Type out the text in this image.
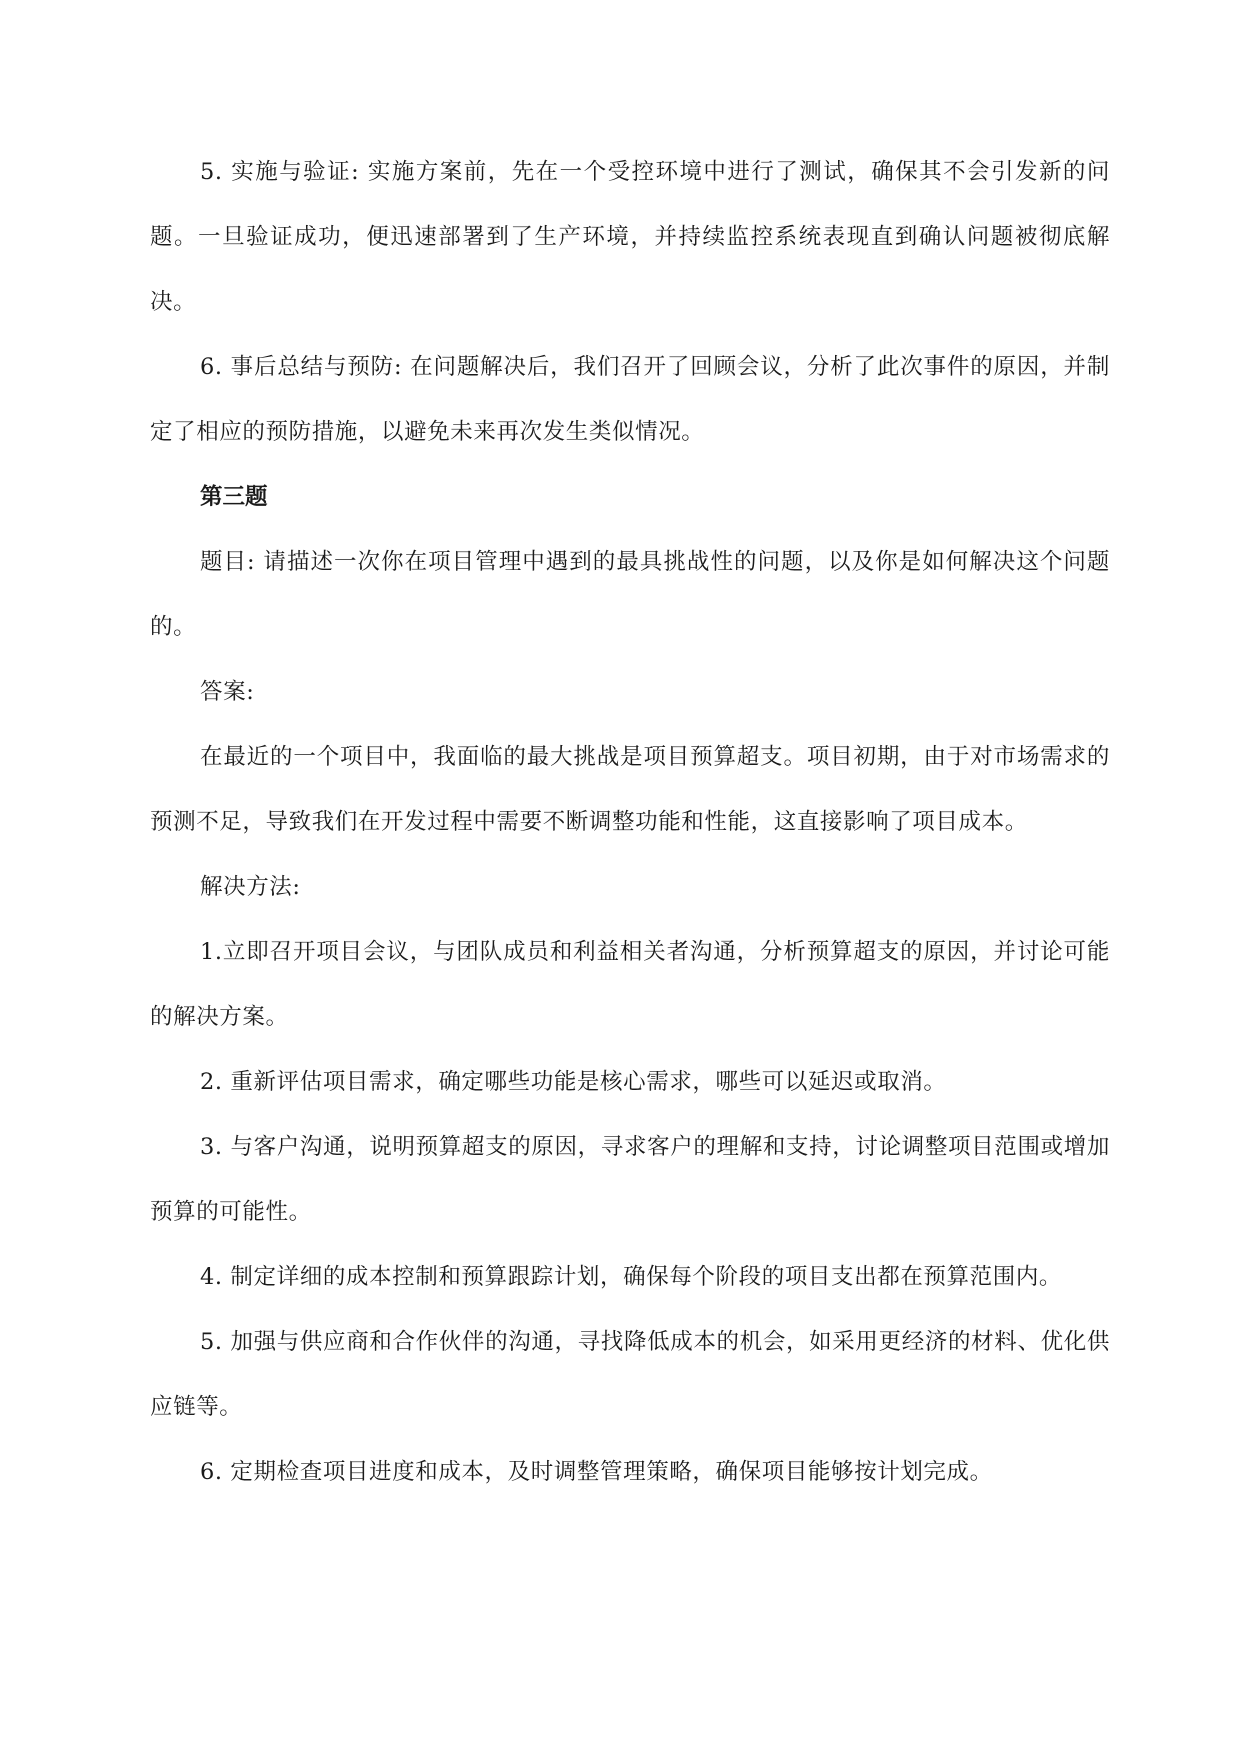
5. 实施与验证: 实施方案前，先在一个受控环境中进行了测试，确保其不会引发新的问题。一旦验证成功，便迅速部署到了生产环境，并持续监控系统表现直到确认问题被彻底解决。

6. 事后总结与预防: 在问题解决后，我们召开了回顾会议，分析了此次事件的原因，并制定了相应的预防措施，以避免未来再次发生类似情况。

第三题

题目: 请描述一次你在项目管理中遇到的最具挑战性的问题，以及你是如何解决这个问题的。

答案:

在最近的一个项目中，我面临的最大挑战是项目预算超支。项目初期，由于对市场需求的预测不足，导致我们在开发过程中需要不断调整功能和性能，这直接影响了项目成本。

解决方法:

1.立即召开项目会议，与团队成员和利益相关者沟通，分析预算超支的原因，并讨论可能的解决方案。

2. 重新评估项目需求，确定哪些功能是核心需求，哪些可以延迟或取消。

3. 与客户沟通，说明预算超支的原因，寻求客户的理解和支持，讨论调整项目范围或增加预算的可能性。

4. 制定详细的成本控制和预算跟踪计划，确保每个阶段的项目支出都在预算范围内。

5. 加强与供应商和合作伙伴的沟通，寻找降低成本的机会，如采用更经济的材料、优化供应链等。

6. 定期检查项目进度和成本，及时调整管理策略，确保项目能够按计划完成。
